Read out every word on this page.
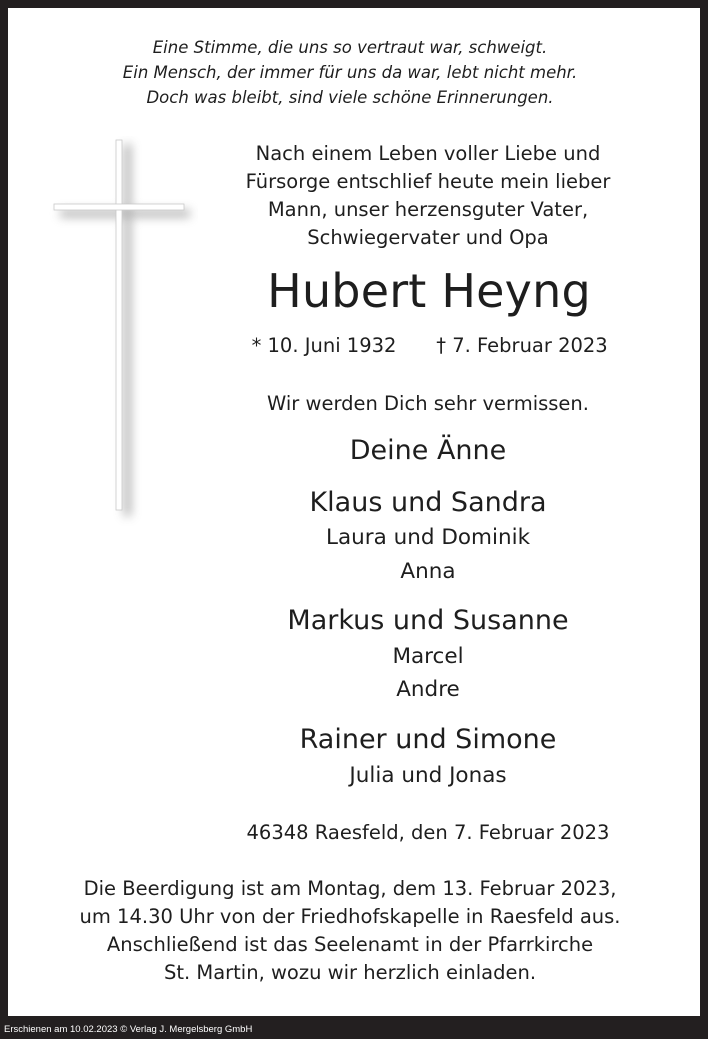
Eine Stimme, die uns so vertraut war, schweigt.

Ein Mensch, der immer für uns da war, lebt nicht mehr.

Doch was bleibt, sind viele schöne Erinnerungen.

Nach einem Leben voller Liebe und

Fürsorge entschlief heute mein lieber

Mann, unser herzensguter Vater,

Schwiegervater und Opa

Hubert Heyng

* 10. Juni 1932 † 7. Februar 2023

Wir werden Dich sehr vermissen.

Deine Änne

Klaus und Sandra

Laura und Dominik

Anna

Markus und Susanne

Marcel

Andre

Rainer und Simone

Julia und Jonas

46348 Raesfeld, den 7. Februar 2023

Die Beerdigung ist am Montag, dem 13. Februar 2023,

um 14.30 Uhr von der Friedhofskapelle in Raesfeld aus.

Anschließend ist das Seelenamt in der Pfarrkirche

St. Martin, wozu wir herzlich einladen.

Erschienen am 10.02.2023 © Verlag J. Mergelsberg GmbH
